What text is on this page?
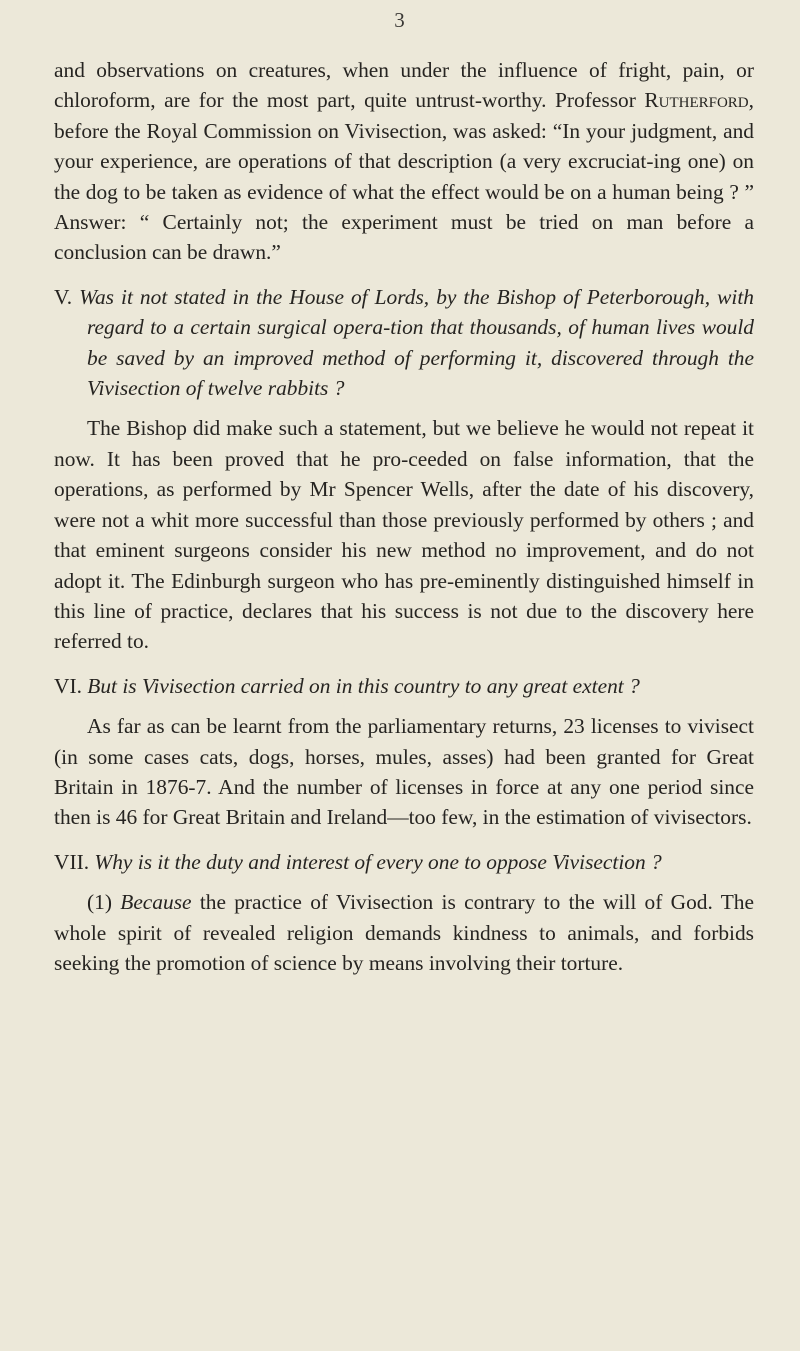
3

and observations on creatures, when under the influence of fright, pain, or chloroform, are for the most part, quite untrust-worthy. Professor Rutherford, before the Royal Commission on Vivisection, was asked: “In your judgment, and your experience, are operations of that description (a very excruciat-ing one) on the dog to be taken as evidence of what the effect would be on a human being ? ” Answer: “ Certainly not; the experiment must be tried on man before a conclusion can be drawn.”

V. Was it not stated in the House of Lords, by the Bishop of Peterborough, with regard to a certain surgical opera-tion that thousands, of human lives would be saved by an improved method of performing it, discovered through the Vivisection of twelve rabbits ?

The Bishop did make such a statement, but we believe he would not repeat it now. It has been proved that he pro-ceeded on false information, that the operations, as performed by Mr Spencer Wells, after the date of his discovery, were not a whit more successful than those previously performed by others ; and that eminent surgeons consider his new method no improvement, and do not adopt it. The Edinburgh surgeon who has pre-eminently distinguished himself in this line of practice, declares that his success is not due to the discovery here referred to.

VI. But is Vivisection carried on in this country to any great extent ?

As far as can be learnt from the parliamentary returns, 23 licenses to vivisect (in some cases cats, dogs, horses, mules, asses) had been granted for Great Britain in 1876-7. And the number of licenses in force at any one period since then is 46 for Great Britain and Ireland—too few, in the estimation of vivisectors.

VII. Why is it the duty and interest of every one to oppose Vivisection ?

(1) Because the practice of Vivisection is contrary to the will of God. The whole spirit of revealed religion demands kindness to animals, and forbids seeking the promotion of science by means involving their torture.
